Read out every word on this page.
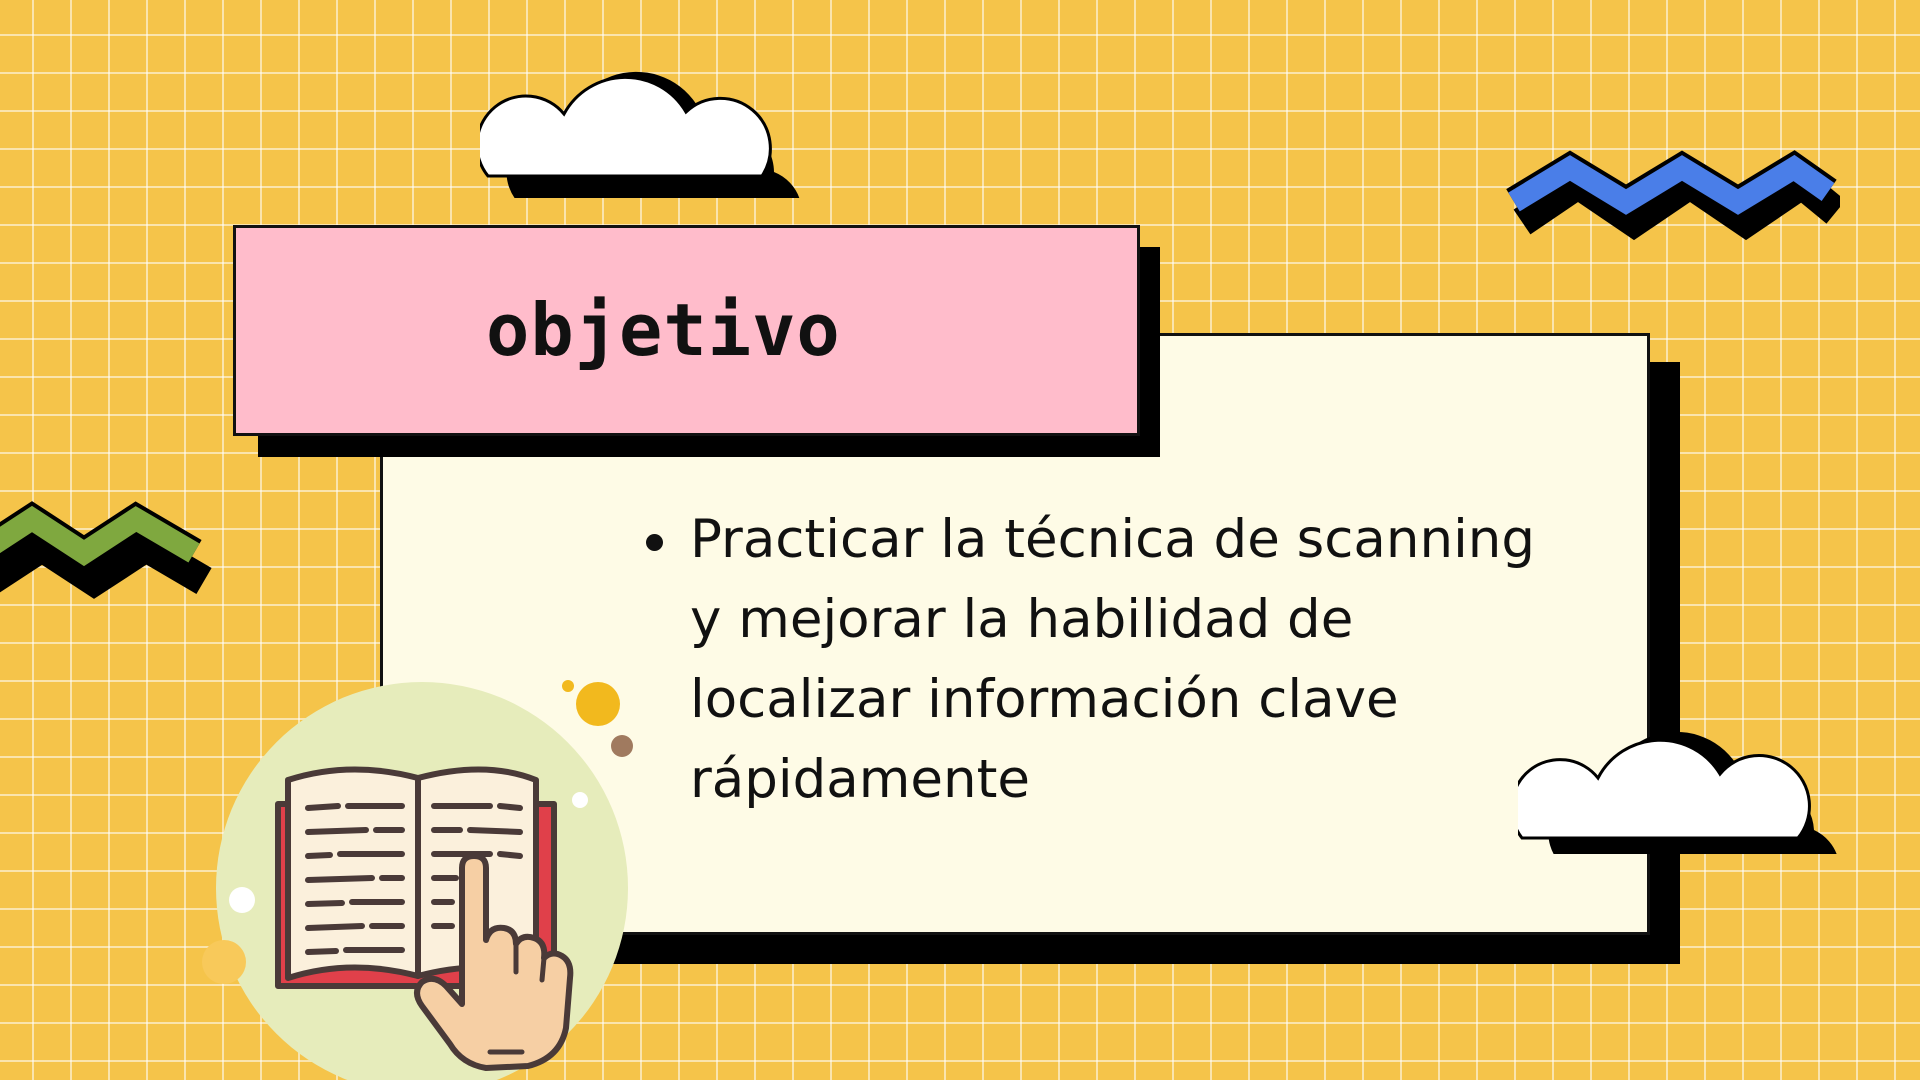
objetivo
Practicar la técnica de scanning y mejorar la habilidad de localizar información clave rápidamente
